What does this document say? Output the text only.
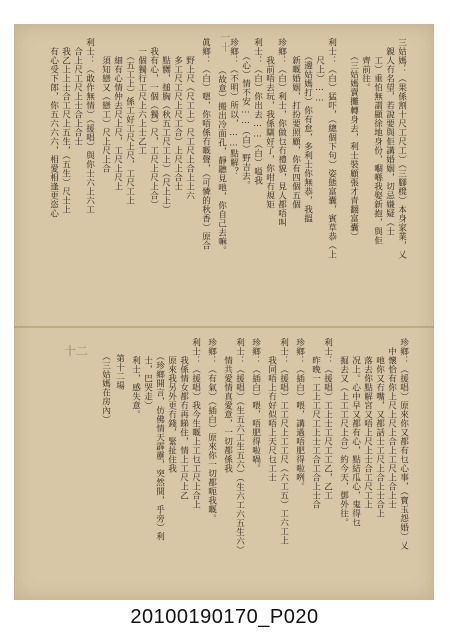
一十
十二
三姑媽：（果係割十尺工尺工）（三腳櫈）本身家業，乂
　親人冇名望，若說要與佢講婚姻，切忌嫌疑（士
　　工）重怕無謂顯徐地身份，嗰喺我娶新抱，與佢
　　齊前往。
　　（三姑媽賣攤轉身去，利士裝顧張才青翻富囊）
利士：（白）猛吓，（總個下句）姿態富囊，賓草恭（上
　　尺上）……
　　（邊姑媽打）你有怠，多利士你無恭，我搵
　　新嘅婚姻，打扮要照顧，你有四個五個
珍鄉：（白）利士，你做乜冇禮貌，見人都唔叫
　　我前唔去玩，我係瞓好了，你咁冇規矩
利士：（白）你出去……（白）嗌我
　　（心）情不安……（白）野吉去。
珍鄉：（不明）所以，……點解？
　　（故意）搬出冷面孔，靜聽見吔，你自己去嘛。
眞鄉：（白）嗯，你唔係冇嘅聲，（可憐的秋香）原合
　　野上尺（尺工上）尺工尺上合上上六
　　多工尺工尺上尺工合）上尺上合士
　　點嬲，搥胸（秋五工尺工上）（尺上上）
　我有心，一個（獨）尺，工尺上尺上合）
　一個獨行工尺上六上士乙工
　　（五工上）係工好工尺上尺，工尺工上
　　細有心情仲去尺上尺，工尺上尺上
　　須知戀又（戀工）尺上尺上合
利士：（敢作無情）（援唱）與你士六上六工
　合上尺工尺上士合上合士
　我乙上上士合工尺上五生，（五生）尺士上
　有心受下郎，你五六六六，相愛相逢更恣心
珍鄉：（援唱）原來你又都有乜心事，（寶玉怨婚）乂
　中懷恰有你上尺上尺上合上工尺上合上士
　　吔你又冇嘴，又都話士工尺上合上士合上
　　落去你點解宮又唔上尺上士合工尺工上
　　况上。心中早又都有心，點結瓜心，鬼得乜
　　掘去又（上工工尺上合）約今天，鄧外往。
利士：（援唱）工上士工尺工工乙，乙工
　　昨晚一工上工尺工上士工合工合上士合
珍鄉：（插白）喂，講過唔肥得啦咧。
利士：（援唱）工工尺上工工尺（六工五）工六工上
　　我同唔上冇好似唔上天尺乜工士
珍鄉：（插白）喂，唔肥得啦喎。
利士：（援唱）（生五六工生五六）（生六工六五生六）
　　情共愛情真愛意，一切都係我
珍鄉：（有氣）（插白）原來你一切都呃我嘅。
利士：（援唱）我今生嘅上工乜工尺上合上
　　我係情女都冇再睇住，情上工尺上乙
　　原來我另外更冇錢，緊扯住我
　　（珍鄉開言，仿佛情天霹靂，突然間，乎旁）利
　　士，巴哭走）
　　利士，感失意。
第十二場
　　（三姑媽在房內）
20100190170_P020
